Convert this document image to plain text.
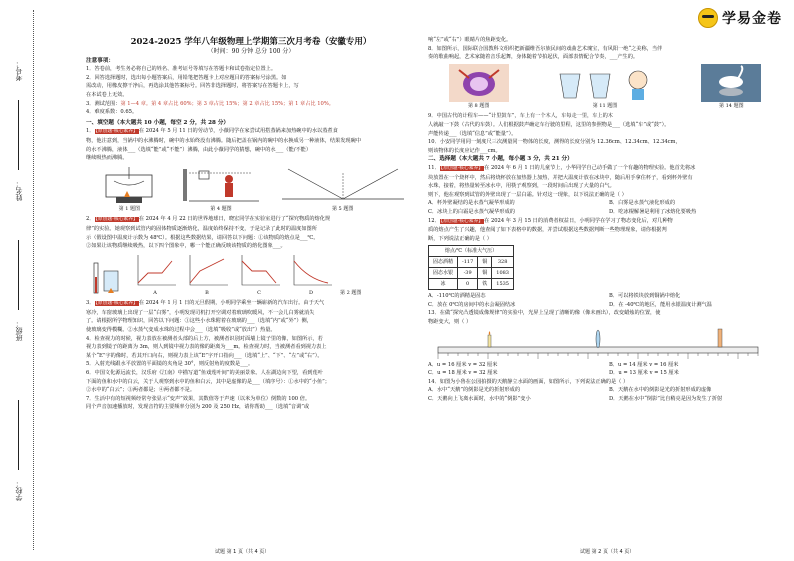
学校：
班级：
姓名：
考号：
学易金卷
2024-2025 学年八年级物理上学期第三次月考卷（安徽专用）
（时间：90 分钟 总分 100 分）

注意事项：

1．答卷前，考生务必将自己的姓名、准考证号等填写在答题卡和试卷指定位置上。

2．回答选择题时，选出每小题答案后，用铅笔把答题卡上对应题目的答案标号涂黑。如

需改动，用橡皮擦干净后，再选涂其他答案标号。回答非选择题时，将答案写在答题卡上，写

在本试卷上无效。

3．测试范围：第 1—4 章。第 4 章占比 60%；第 3 章占比 15%；第 2 章占比 15%；第 1 章占比 10%。

4．难度系数：0.65。

一、填空题（本大题共 10 小题，每空 2 分，共 28 分）

1．【原创题·核心素养】在 2024 年 5 月 11 日的劳动节，小薇同学在家尝试用搭蒸锅来加热碗中的水以蒸煮食

物，他注意到，当锅中的水沸腾时，碗中的水始终没有沸腾。随后把盖在锅内的碗中的水换成另一种液体，结果发现碗中

的水不沸腾，液体___（选填“能”或“不能”）沸腾，由此小薇同学的猜想，碗中的水___（能/不能）

继续吸热而沸腾。

第 1 题图	第 4 题图	第 5 题图

2．【原创题·核心素养】在 2024 年 4 月 22 日的世界地球日，晓宏同学在实验室进行了“探究物质的熔化规

律”的实验。她观察到试管内的固体物质逐渐熔化，温度始终保持不变，于是记录了此时的温度如图所

示（假设图中温度计示数为 48℃）。根据这些数据结果，请回答以下问题：①该物质的熔点是___℃。

②如果让该物质继续吸热，以下四个图象中，哪一个能正确反映该物质的熔化图象___。

A	B	C	D	第 2 题图

3．【原创题·核心素养】在 2024 年 1 月 1 日的元旦假期，小明同学乘坐一辆崭新的汽车出行。由于天气

寒冷，车窗玻璃上出现了一层“白雾”，小明发现司机打开空调对着玻璃吹暖风，不一会儿白雾就消失

了。请根据所学物理知识，回答以下问题：①这些小水珠附着在玻璃的___（选填“内”或“外”）侧，

使玻璃变得模糊。②水蒸气变成水珠的过程中会___（选填“吸收”或“放出”）热量。

4．检查视力的时候，视力表放在被测者头部的后上方，被测者识别对面墙上镜子里的像，如图所示，若

视力表到镜子的距离为 3m，则人到镜中视力表的像的距离为___m。检查视力时，当被测者看到视力表上

某个“E”字的像时，若其开口向右，则视力表上该“E”字开口指向___（选填“上”、“下”、“左”或“右”）。

5．入射光线跟水平放置的平面镜的夹角是 30°，则反射角的度数是___。

6．中国文化源远流长，汉乐府《江南》中描写道“鱼戏莲叶间”的美丽景象。人在湖边向下望，看到莲叶

下面的鱼和水中的白云，关于人观察到水中的鱼和白云，其中是虚像的是___（填序号）：①水中的“小鱼”；

②水中的“白云”；③两者都是；④两者都不是。

7．生活中有的短视频经常夸张显示“变声”效果，其数值等于声速（以米为单位）倒数的 100 倍。

同个声音加速播放时，发现音符的主要频率分别为 200 及 250 Hz，请你帮助___（选填“音调”或

试题 第 1 页（共 4 页）

响“左”或“右”）眼睛片的焦距变化。

8．如图所示，国际联合国教科文组织把新疆维吾尔族民间的戏曲艺术瑰宝，有风阳一绝“之美称，当伴

奏的歌曲响起，艺术家随着音乐起舞，身体随着节拍起伏，面部表情配合节奏，___产生的。

第 8 题图	第 11 题图	第 14 题图

9．中国古代的计程车——“计里鼓车”，车上有一个木人，车每走一里，车上的木

人就敲一下鼓（古代的车鼓）。人们根据鼓声确定车行驶的里程，这里的参照物是___（选填“车”或“鼓”）。

声能传递___（选填“信息”或“能量”）。

10．小安同学用同一刻度尺三次测量同一物体的长度，测得的长度分别为 12.36cm、12.34cm、12.34cm，

则该物体的长度应记作___cm。

二、选择题（本大题共 7 小题，每小题 3 分，共 21 分）

11．【原创题·核心素养】在 2024 年 6 月 1 日的儿童节上，小华同学自己动手做了一个有趣的物理实验。他首先将冰

块放置在一个烧杯中，然后将烧杯放在加热器上加热，并把大温度计放在冰块中，随后用手拿住杯子，看到杯外壁有

水珠，接着，将热量转至冰水中，用筷子观察到，一段时间后出现了大量的白气。

则下，他在观察到试管的外壁出现了一层白霜。针对这一现象，以下说法正确的是（ ）

A．杯外壁凝结的是水蒸气凝华形成的	B．白雾是水蒸气液化形成的
C．冰块上的白霜是水蒸气凝华形成的	D．吃冰棍解暑是利用了冰熔化要吸热

12．【原创题·核心素养】在 2024 年 3 月 15 日的消费者权益日，小明同学在学习了物态变化后，对几种物

质的熔点产生了兴趣，他查阅了如下表格中的数据，并尝试根据这些数据判断一些物理现象，请你根据判

断，下列说法正确的是（ ）

熔点/℃（标准大气压）			
固态酒精	-117	铜	328
固态水银	-39	铜	1083
冰	0	铁	1535
A．-110℃的酒精是固态	B．可以将铁块放到铜锅中熔化
C．放在 0℃的房间中的水会凝固结冰	D．在 -40℃的地区，能用水银温度计测气温

13．在做“探究凸透镜成像规律”的实验中，光屏上呈现了清晰的像（像未画出），改变蜡烛的位置，使

物距变大，则（ ）

A．u = 16 厘米 v = 32 厘米	B．u = 14 厘米 v = 16 厘米
C．u = 18 厘米 v = 32 厘米	D．u = 13 厘米 v = 15 厘米

14．如图为小鲁在公园拍摄的天鹅静立水面的画面，如图所示，下列说法正确的是（ ）

A．水中“天鹅”的倒影是光的折射形成的	B．天鹅在水中的倒影是光的折射形成的虚像
C．天鹅向上飞离水面时，水中的“倒影”变小	D．天鹅在水中“倒影”比自稍亮是因为发生了折射
试题 第 2 页（共 4 页）
